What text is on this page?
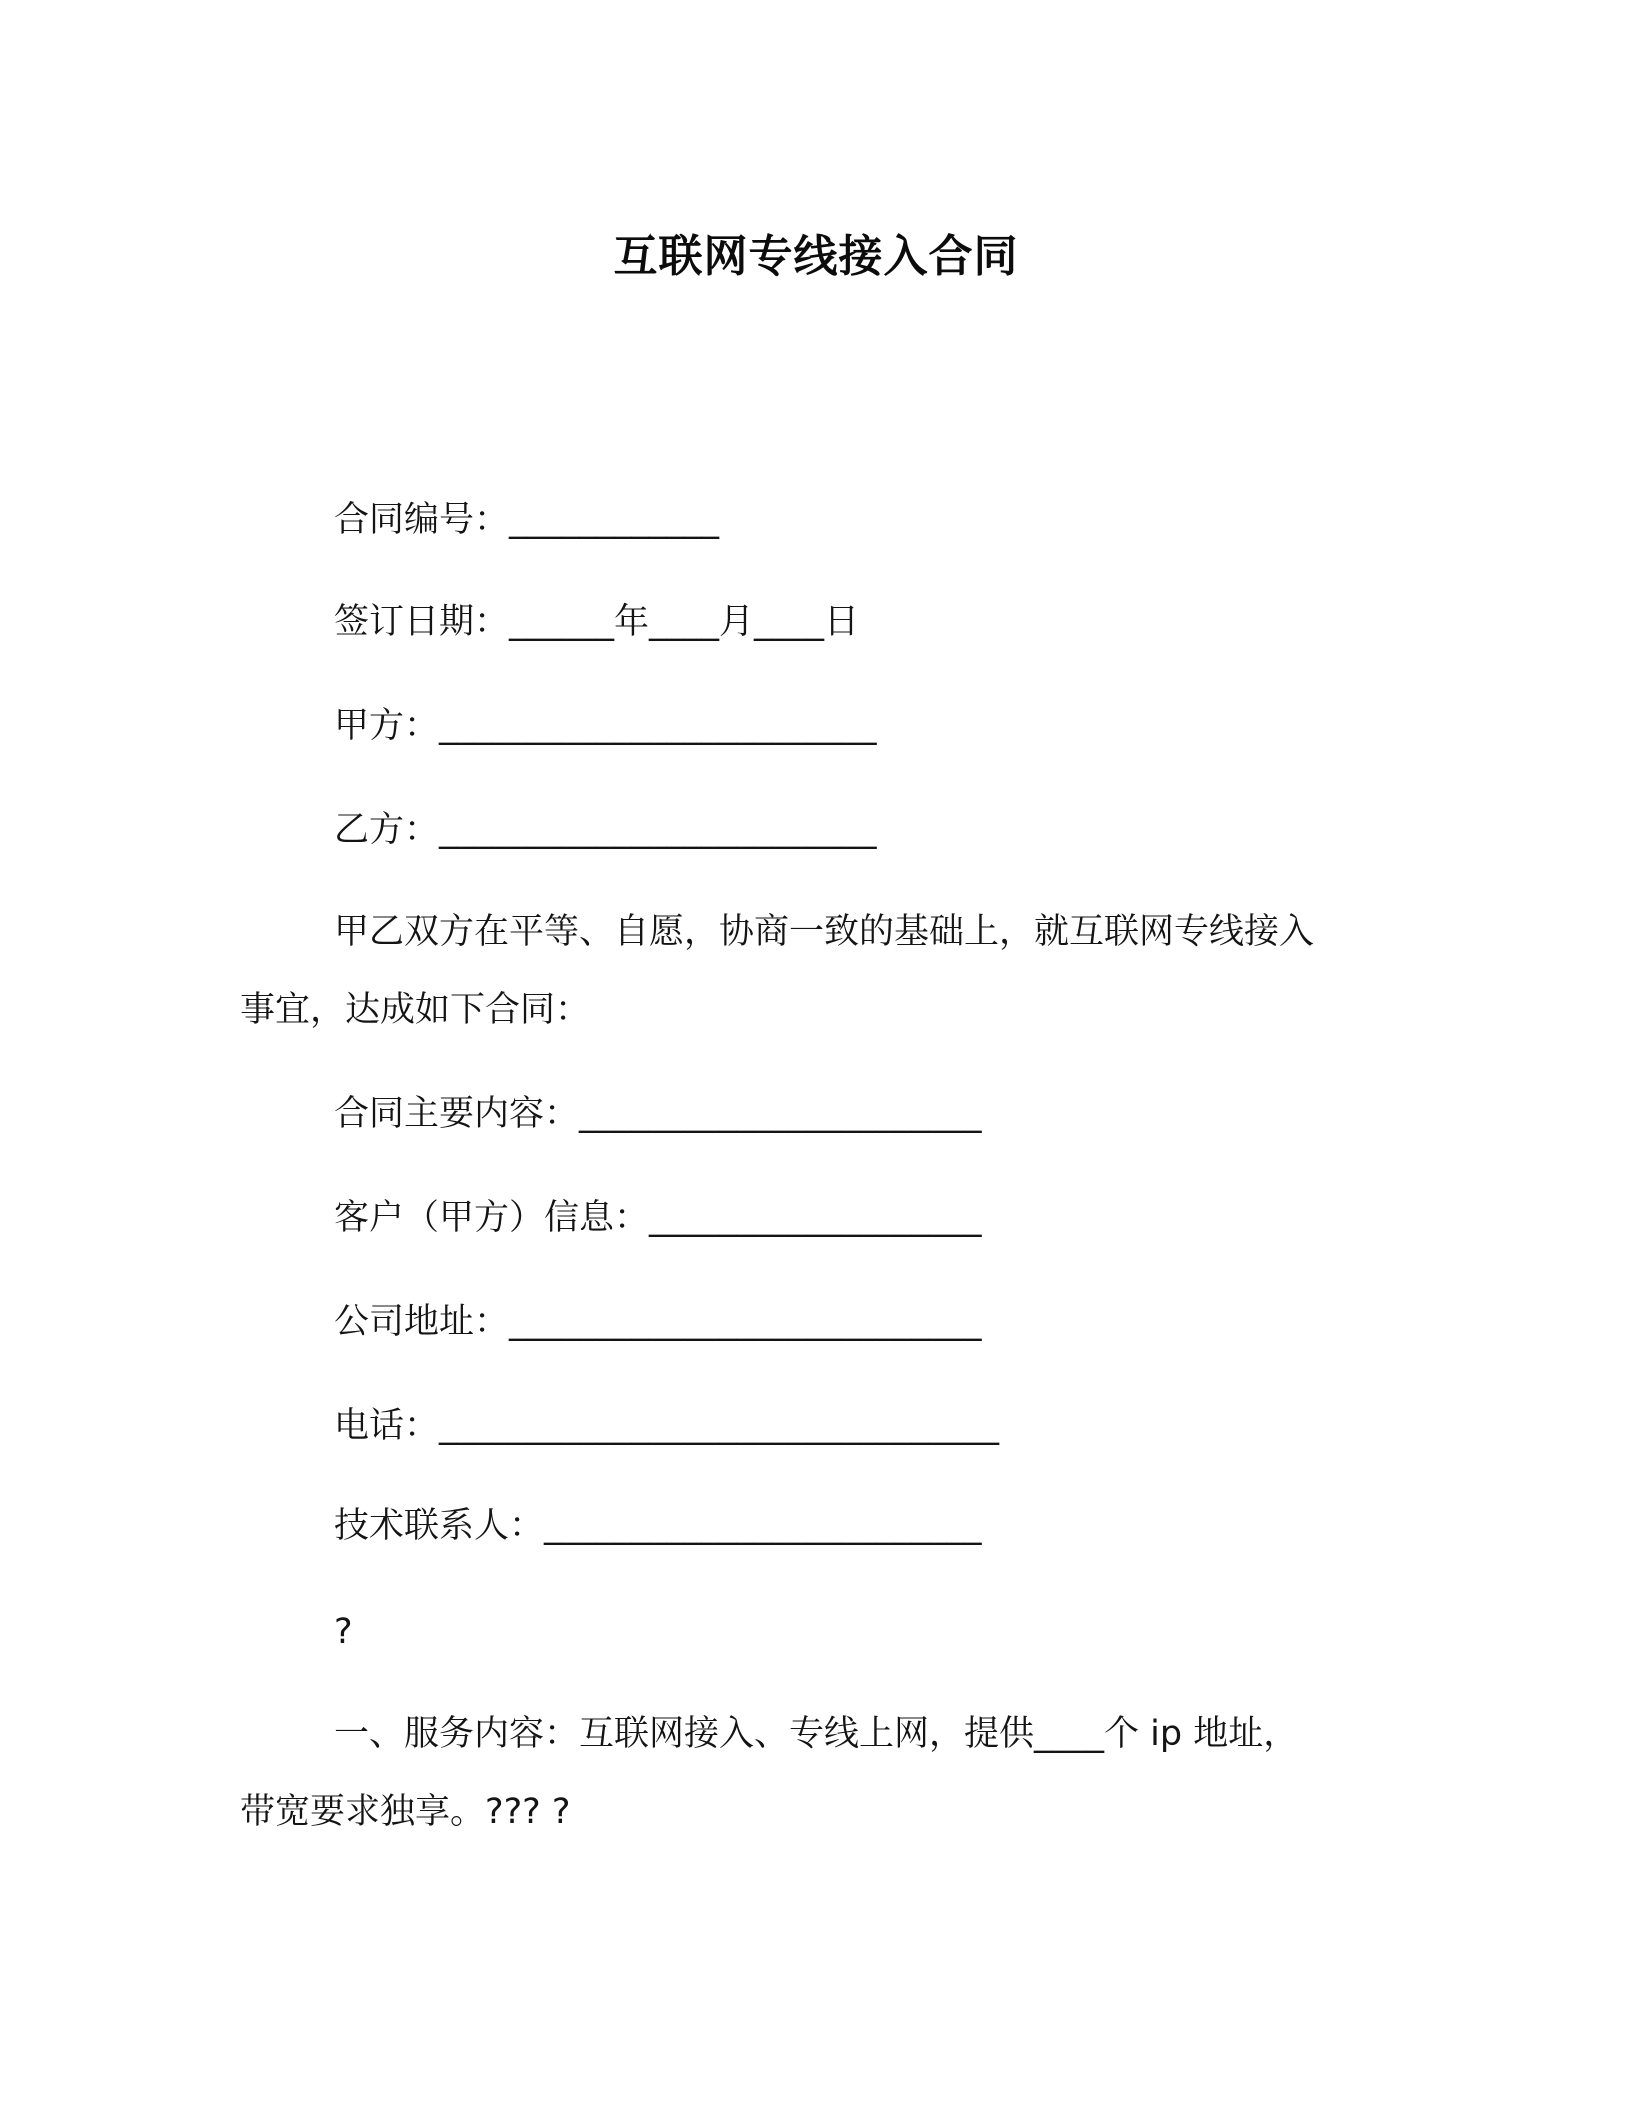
互联网专线接入合同
合同编号：____________
签订日期：______年____月____日
甲方：_________________________
乙方：_________________________
甲乙双方在平等、自愿，协商一致的基础上，就互联网专线接入
事宜，达成如下合同：
合同主要内容：_______________________
客户（甲方）信息：___________________
公司地址：___________________________
电话：________________________________
技术联系人：_________________________
?
一、服务内容：互联网接入、专线上网，提供____个 ip 地址，
带宽要求独享。??? ?
